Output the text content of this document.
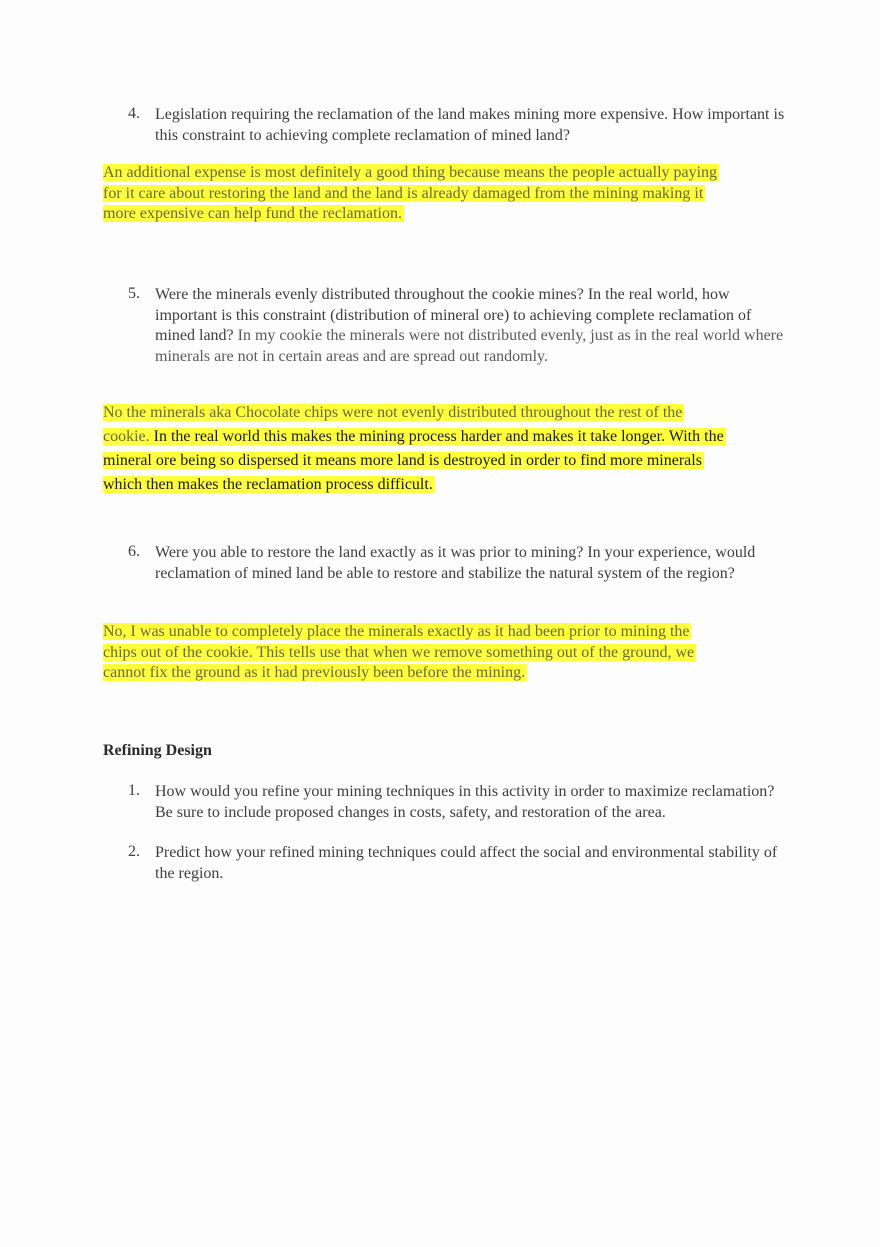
4. Legislation requiring the reclamation of the land makes mining more expensive. How important is this constraint to achieving complete reclamation of mined land?
An additional expense is most definitely a good thing because means the people actually paying
for it care about restoring the land and the land is already damaged from the mining making it
more expensive can help fund the reclamation.
5. Were the minerals evenly distributed throughout the cookie mines? In the real world, how important is this constraint (distribution of mineral ore) to achieving complete reclamation of mined land? In my cookie the minerals were not distributed evenly, just as in the real world where minerals are not in certain areas and are spread out randomly.
No the minerals aka Chocolate chips were not evenly distributed throughout the rest of the
cookie. In the real world this makes the mining process harder and makes it take longer. With the
mineral ore being so dispersed it means more land is destroyed in order to find more minerals
which then makes the reclamation process difficult.
6. Were you able to restore the land exactly as it was prior to mining? In your experience, would reclamation of mined land be able to restore and stabilize the natural system of the region?
No, I was unable to completely place the minerals exactly as it had been prior to mining the
chips out of the cookie. This tells use that when we remove something out of the ground, we
cannot fix the ground as it had previously been before the mining.
Refining Design
1. How would you refine your mining techniques in this activity in order to maximize reclamation? Be sure to include proposed changes in costs, safety, and restoration of the area.
2. Predict how your refined mining techniques could affect the social and environmental stability of the region.
